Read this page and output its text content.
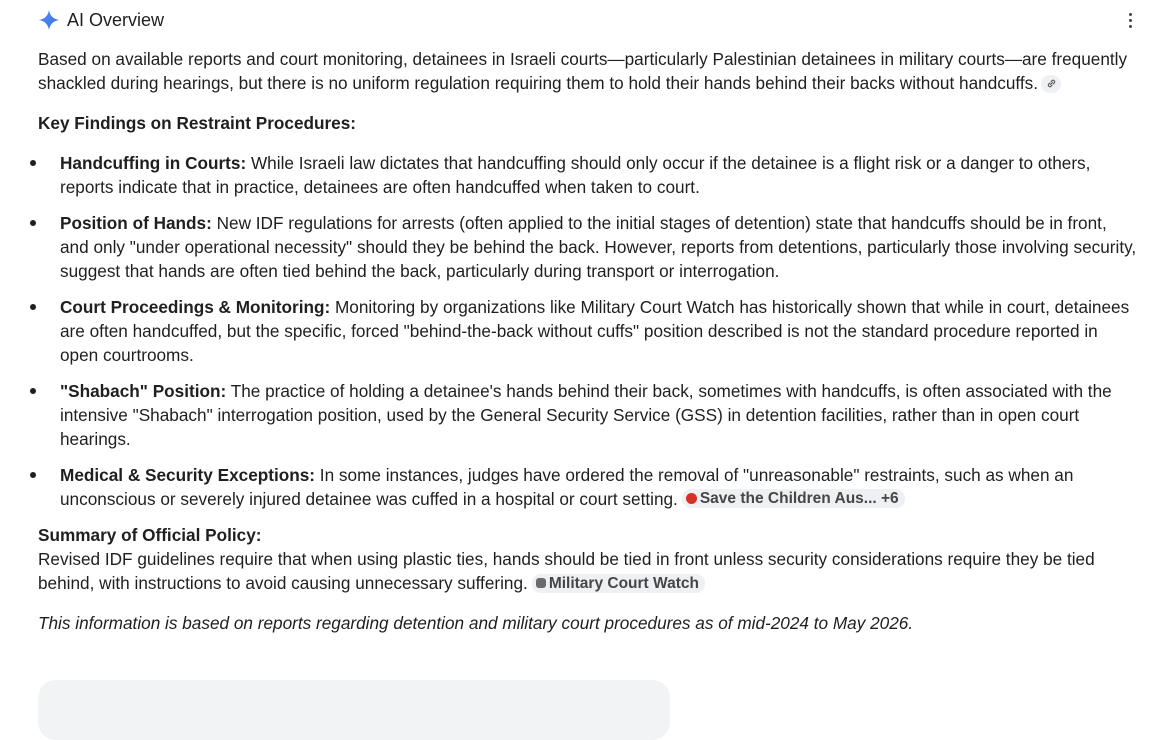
AI Overview

Based on available reports and court monitoring, detainees in Israeli courts—particularly Palestinian detainees in military courts—are frequently shackled during hearings, but there is no uniform regulation requiring them to hold their hands behind their backs without handcuffs.

Key Findings on Restraint Procedures:

Handcuffing in Courts: While Israeli law dictates that handcuffing should only occur if the detainee is a flight risk or a danger to others, reports indicate that in practice, detainees are often handcuffed when taken to court.
Position of Hands: New IDF regulations for arrests (often applied to the initial stages of detention) state that handcuffs should be in front, and only "under operational necessity" should they be behind the back. However, reports from detentions, particularly those involving security, suggest that hands are often tied behind the back, particularly during transport or interrogation.
Court Proceedings & Monitoring: Monitoring by organizations like Military Court Watch has historically shown that while in court, detainees are often handcuffed, but the specific, forced "behind-the-back without cuffs" position described is not the standard procedure reported in open courtrooms.
"Shabach" Position: The practice of holding a detainee's hands behind their back, sometimes with handcuffs, is often associated with the intensive "Shabach" interrogation position, used by the General Security Service (GSS) in detention facilities, rather than in open court hearings.
Medical & Security Exceptions: In some instances, judges have ordered the removal of "unreasonable" restraints, such as when an unconscious or severely injured detainee was cuffed in a hospital or court setting. Save the Children Aus... +6

Summary of Official Policy:

Revised IDF guidelines require that when using plastic ties, hands should be tied in front unless security considerations require they be tied behind, with instructions to avoid causing unnecessary suffering. Military Court Watch

This information is based on reports regarding detention and military court procedures as of mid-2024 to May 2026.
